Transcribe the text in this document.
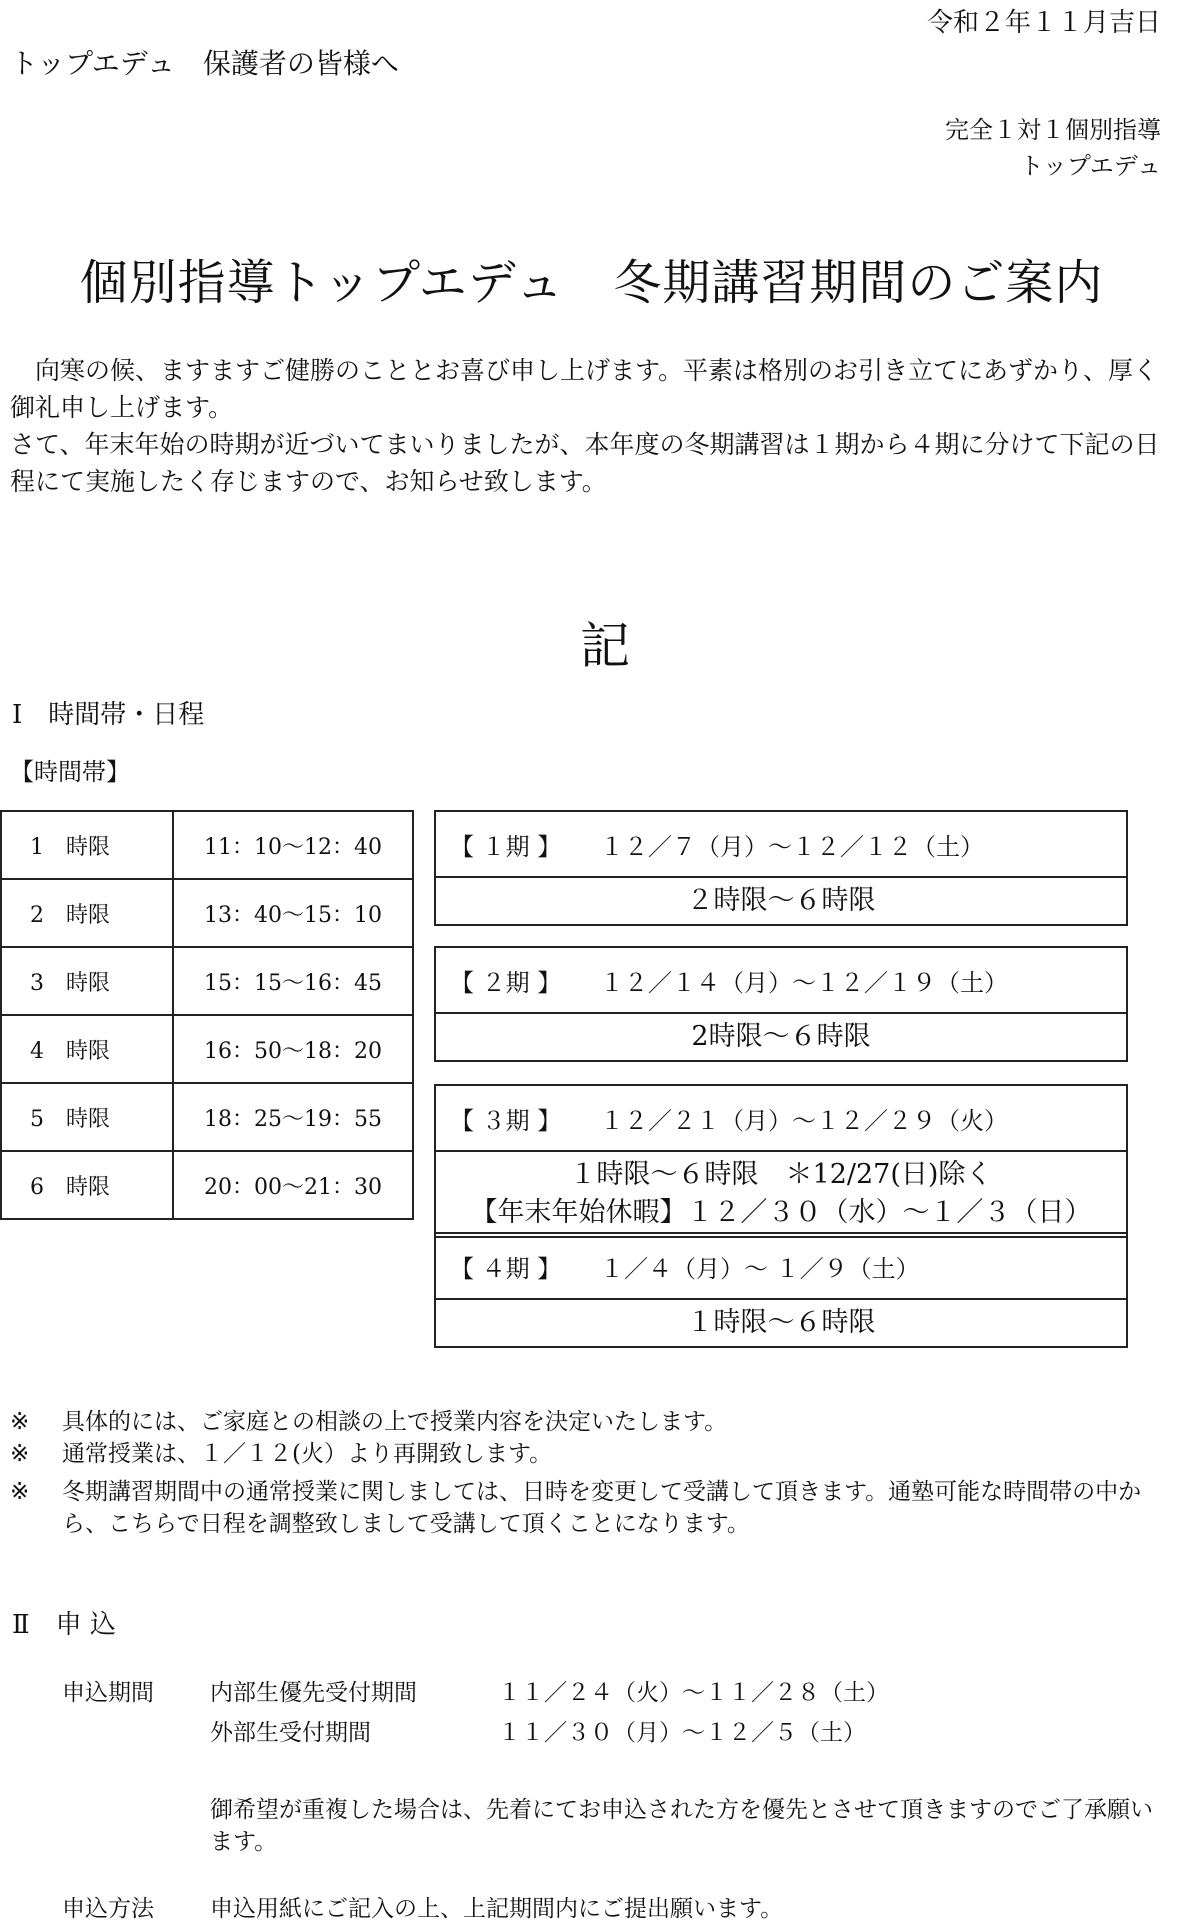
令和２年１１月吉日
トップエデュ　保護者の皆様へ
完全１対１個別指導
トップエデュ
個別指導トップエデュ　冬期講習期間のご案内

向寒の候、ますますご健勝のこととお喜び申し上げます。平素は格別のお引き立てにあずかり、厚く御礼申し上げます。

さて、年末年始の時期が近づいてまいりましたが、本年度の冬期講習は１期から４期に分けて下記の日程にて実施したく存じますので、お知らせ致します。

記
Ⅰ　時間帯・日程
【時間帯】
1　時限	11：10～12：40
2　時限	13：40～15：10
3　時限	15：15～16：45
4　時限	16：50～18：20
5　時限	18：25～19：55
6　時限	20：00～21：30
【 １期 】	１２／７（月）～１２／１２（土）
２時限～６時限
【 ２期 】	１２／１４（月）～１２／１９（土）
2時限～６時限
【 ３期 】	１２／２１（月）～１２／２９（火）
１時限～６時限　＊12/27(日)除く
【年末年始休暇】１２／３０（水）～１／３（日）
【 ４期 】	１／４（月）～ １／９（土）
１時限～６時限
※	具体的には、ご家庭との相談の上で授業内容を決定いたします。
※	通常授業は、１／１２(火）より再開致します。
※	冬期講習期間中の通常授業に関しましては、日時を変更して受講して頂きます。通塾可能な時間帯の中から、こちらで日程を調整致しまして受講して頂くことになります。
Ⅱ　申 込
申込期間 内部生優先受付期間	１１／２４（火）～１１／２８（土）
外部生受付期間	１１／３０（月）～１２／５（土）
御希望が重複した場合は、先着にてお申込された方を優先とさせて頂きますのでご了承願います。
申込方法 申込用紙にご記入の上、上記期間内にご提出願います。
